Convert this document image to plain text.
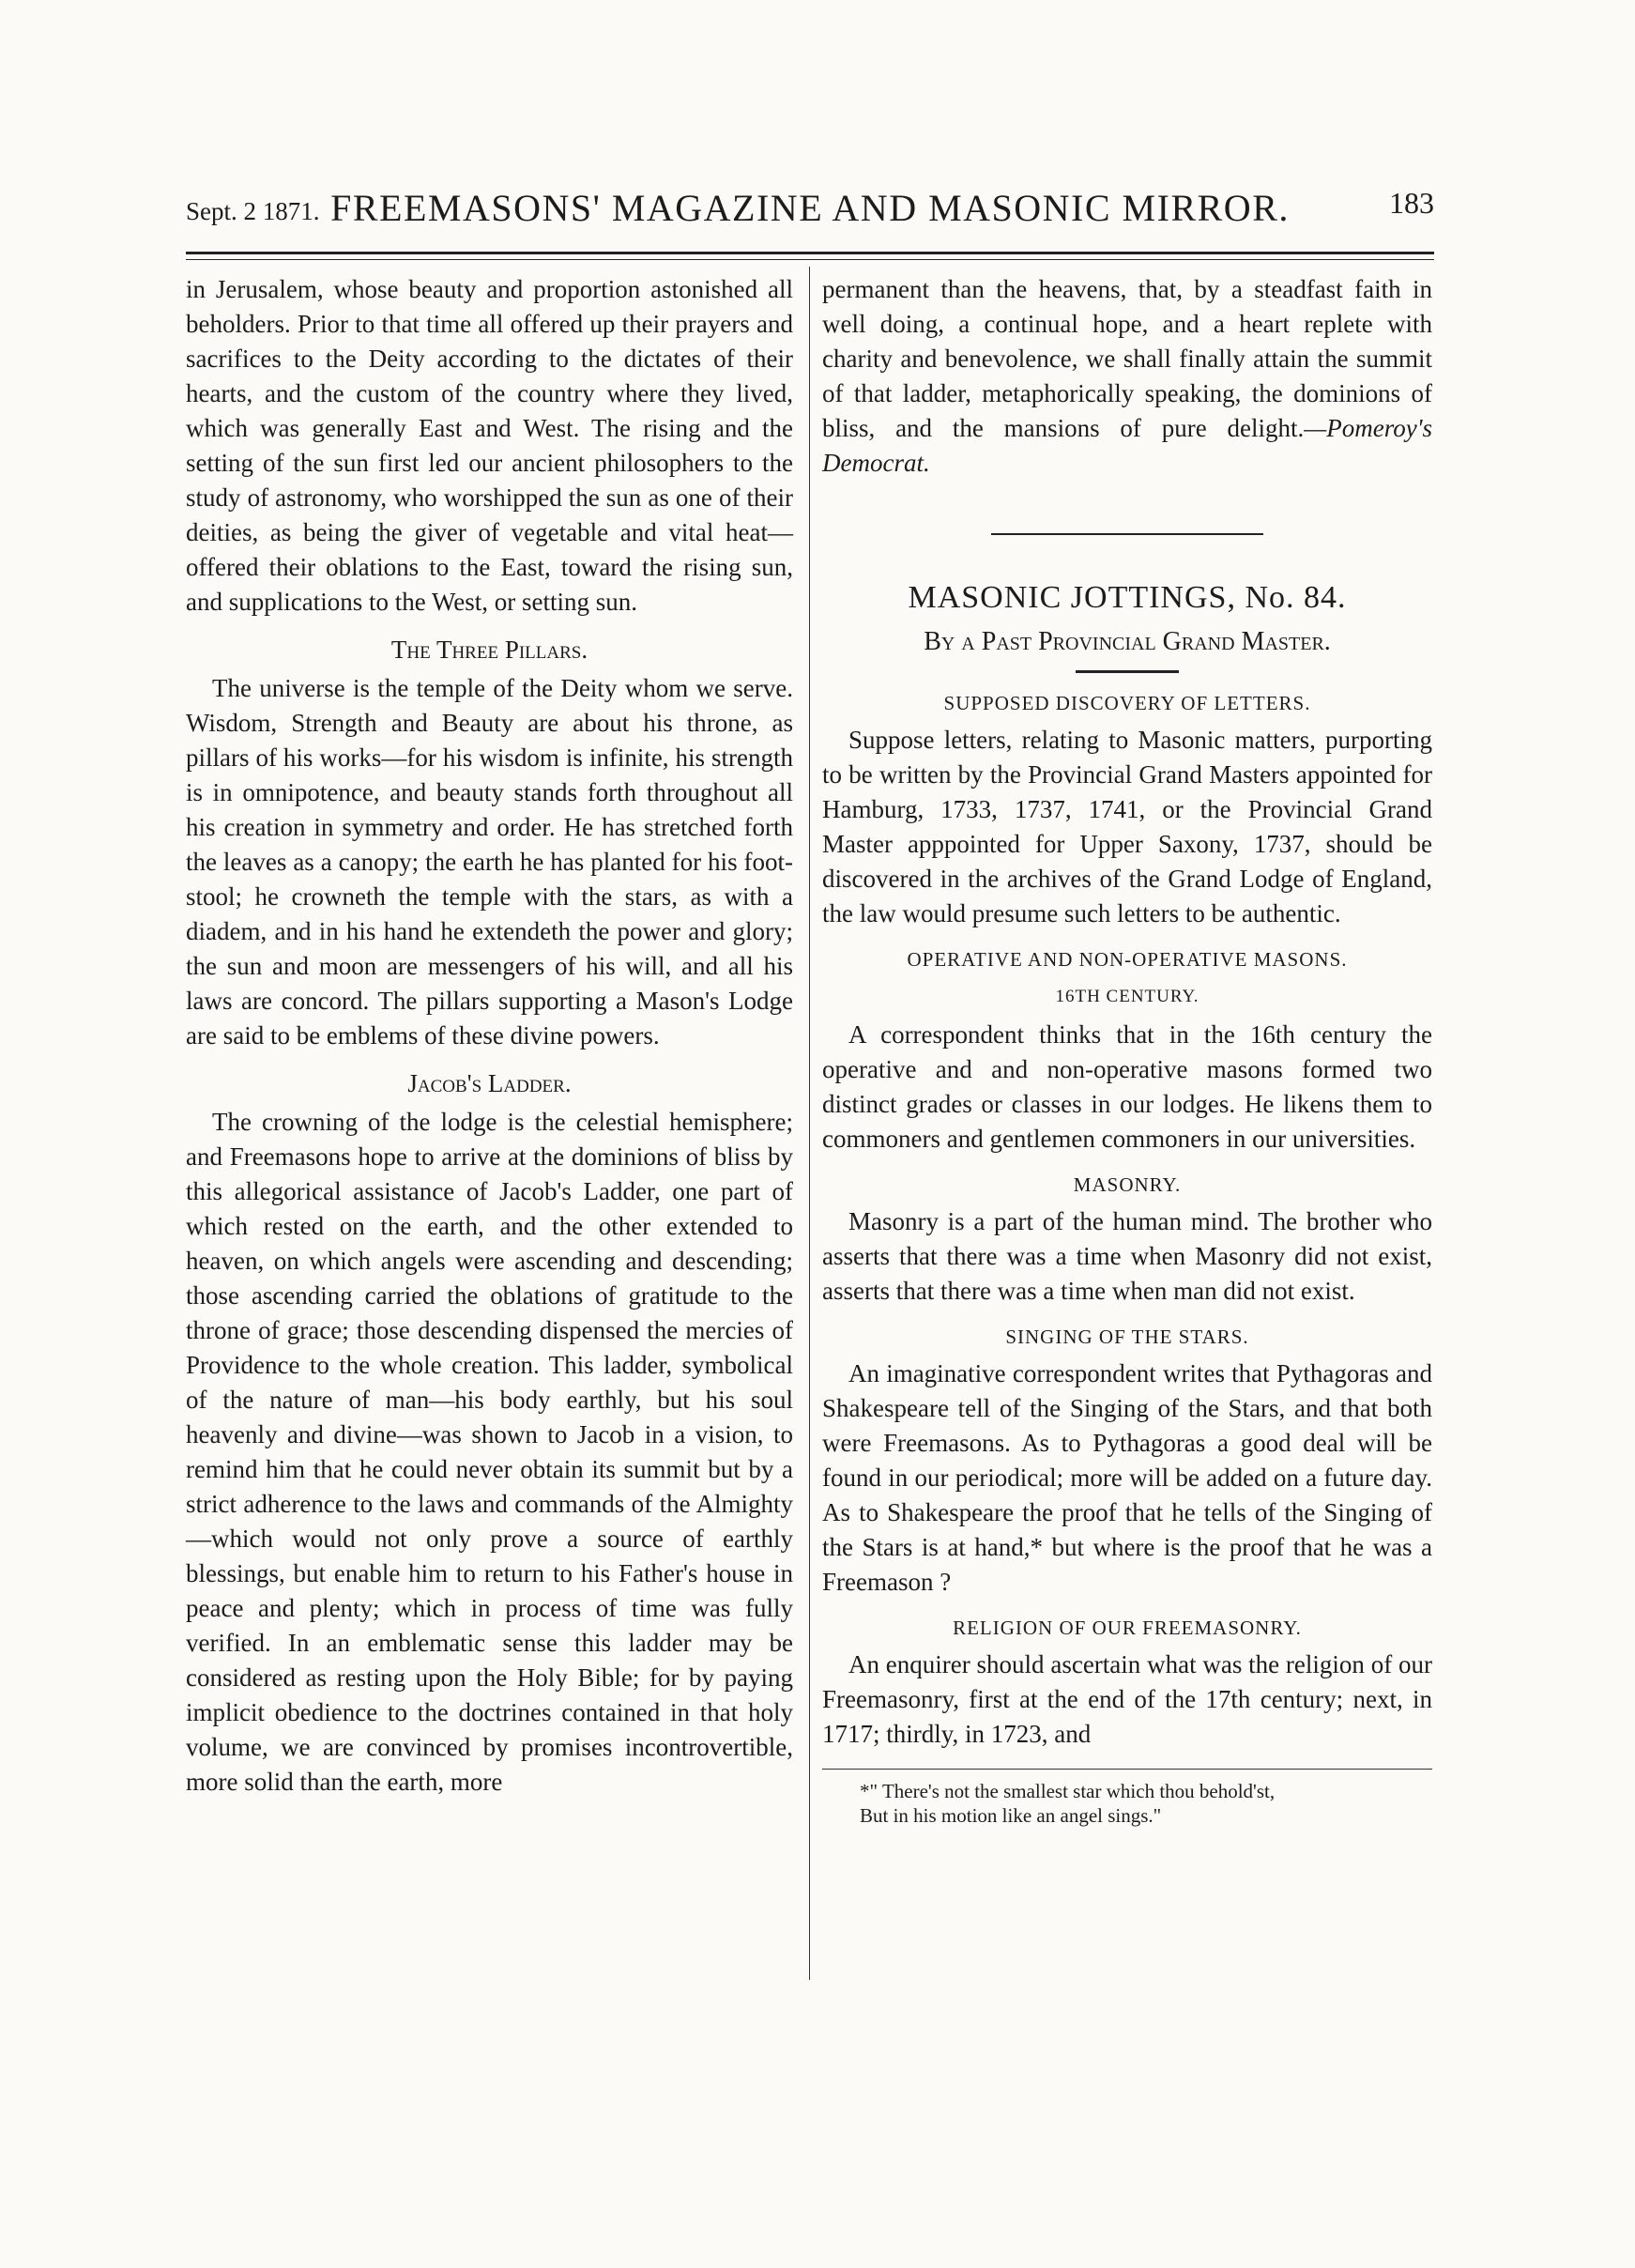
Sept. 2 1871. FREEMASONS' MAGAZINE AND MASONIC MIRROR.	183

in Jerusalem, whose beauty and proportion astonished all beholders. Prior to that time all offered up their prayers and sacrifices to the Deity according to the dictates of their hearts, and the custom of the country where they lived, which was generally East and West. The rising and the setting of the sun first led our ancient philosophers to the study of astronomy, who worshipped the sun as one of their deities, as being the giver of vegetable and vital heat—offered their oblations to the East, toward the rising sun, and supplications to the West, or setting sun.

The Three Pillars.

The universe is the temple of the Deity whom we serve. Wisdom, Strength and Beauty are about his throne, as pillars of his works—for his wisdom is infinite, his strength is in omnipotence, and beauty stands forth throughout all his creation in symmetry and order. He has stretched forth the leaves as a canopy; the earth he has planted for his foot-stool; he crowneth the temple with the stars, as with a diadem, and in his hand he extendeth the power and glory; the sun and moon are messengers of his will, and all his laws are concord. The pillars supporting a Mason's Lodge are said to be emblems of these divine powers.

Jacob's Ladder.

The crowning of the lodge is the celestial hemisphere; and Freemasons hope to arrive at the dominions of bliss by this allegorical assistance of Jacob's Ladder, one part of which rested on the earth, and the other extended to heaven, on which angels were ascending and descending; those ascending carried the oblations of gratitude to the throne of grace; those descending dispensed the mercies of Providence to the whole creation. This ladder, symbolical of the nature of man—his body earthly, but his soul heavenly and divine—was shown to Jacob in a vision, to remind him that he could never obtain its summit but by a strict adherence to the laws and commands of the Almighty—which would not only prove a source of earthly blessings, but enable him to return to his Father's house in peace and plenty; which in process of time was fully verified. In an emblematic sense this ladder may be considered as resting upon the Holy Bible; for by paying implicit obedience to the doctrines contained in that holy volume, we are convinced by promises incontrovertible, more solid than the earth, more

permanent than the heavens, that, by a steadfast faith in well doing, a continual hope, and a heart replete with charity and benevolence, we shall finally attain the summit of that ladder, metaphorically speaking, the dominions of bliss, and the mansions of pure delight.—Pomeroy's Democrat.

MASONIC JOTTINGS, No. 84.
By a Past Provincial Grand Master.
SUPPOSED DISCOVERY OF LETTERS.

Suppose letters, relating to Masonic matters, purporting to be written by the Provincial Grand Masters appointed for Hamburg, 1733, 1737, 1741, or the Provincial Grand Master apppointed for Upper Saxony, 1737, should be discovered in the archives of the Grand Lodge of England, the law would presume such letters to be authentic.

OPERATIVE AND NON-OPERATIVE MASONS.
16TH CENTURY.

A correspondent thinks that in the 16th century the operative and and non-operative masons formed two distinct grades or classes in our lodges. He likens them to commoners and gentlemen commoners in our universities.

MASONRY.

Masonry is a part of the human mind. The brother who asserts that there was a time when Masonry did not exist, asserts that there was a time when man did not exist.

SINGING OF THE STARS.

An imaginative correspondent writes that Pythagoras and Shakespeare tell of the Singing of the Stars, and that both were Freemasons. As to Pythagoras a good deal will be found in our periodical; more will be added on a future day. As to Shakespeare the proof that he tells of the Singing of the Stars is at hand,* but where is the proof that he was a Freemason ?

RELIGION OF OUR FREEMASONRY.

An enquirer should ascertain what was the religion of our Freemasonry, first at the end of the 17th century; next, in 1717; thirdly, in 1723, and

*" There's not the smallest star which thou behold'st,
But in his motion like an angel sings."
